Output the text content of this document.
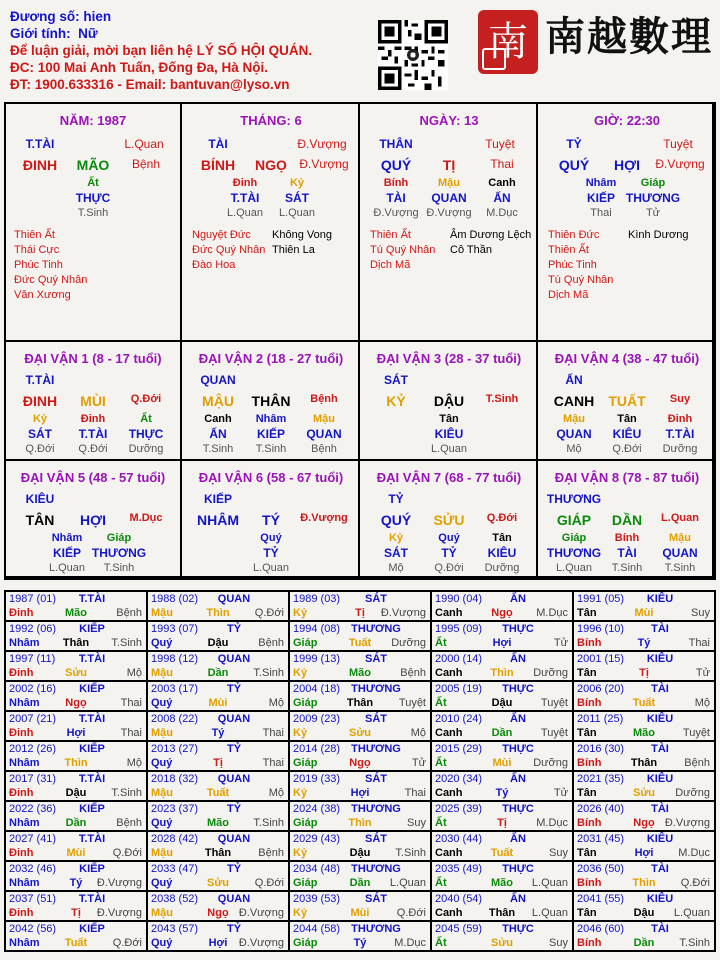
Đương số: hien
Giới tính: Nữ
Để luận giải, mời bạn liên hệ LÝ SỐ HỘI QUÁN.
ĐC: 100 Mai Anh Tuấn, Đống Đa, Hà Nội.
ĐT: 1900.633316 - Email: bantuvan@lyso.vn
南 南越數理
NĂM: 1987
T.TÀI	L.Quan
ĐINH MÃO Bệnh
Ất
THỰC
T.Sinh
Thiên Ất
Thái Cực
Phúc Tinh
Đức Quý Nhân
Văn Xương
THÁNG: 6
TÀI	Đ.Vượng
BÍNH NGỌ Đ.Vượng
Đinh
T.TÀI
L.Quan
Kỷ
SÁT
L.Quan
Nguyệt Đức
Đức Quý Nhân
Đào Hoa
Không Vong
Thiên La
NGÀY: 13
THÂN	Tuyệt
QUÝ TỊ	Thai
Bính
TÀI
Đ.Vượng
Mậu
QUAN
Đ.Vượng
Canh
ẤN
M.Dục
Thiên Ất
Tú Quý Nhân
Dịch Mã
Âm Dương Lệch
Cô Thần
GIỜ: 22:30
TỶ	Tuyệt
QUÝ HỢI Đ.Vượng
Nhâm
KIẾP
Thai
Giáp
THƯƠNG
Tử
Thiên Đức
Thiên Ất
Phúc Tinh
Tú Quý Nhân
Dịch Mã
Kình Dương
ĐẠI VẬN 1 (8 - 17 tuổi)
T.TÀI
ĐINH MÙI Q.Đới
Kỷ
SÁT
Q.Đới
Đinh
T.TÀI
Q.Đới
Ất
THỰC
Dưỡng
ĐẠI VẬN 2 (18 - 27 tuổi)
QUAN
MẬU THÂN Bệnh
Canh
ẤN
T.Sinh
Nhâm
KIẾP
T.Sinh
Mậu
QUAN
Bệnh
ĐẠI VẬN 3 (28 - 37 tuổi)
SÁT
KỶ DẬU T.Sinh
Tân
KIÊU
L.Quan
ĐẠI VẬN 4 (38 - 47 tuổi)
ẤN
CANH TUẤT Suy
Mậu
QUAN
Mộ
Tân
KIÊU
Q.Đới
Đinh
T.TÀI
Dưỡng
ĐẠI VẬN 5 (48 - 57 tuổi)
KIÊU
TÂN HỢI M.Dục
Nhâm
KIẾP
L.Quan
Giáp
THƯƠNG
T.Sinh
ĐẠI VẬN 6 (58 - 67 tuổi)
KIẾP
NHÂM TÝ Đ.Vượng
Quý
TỶ
L.Quan
ĐẠI VẬN 7 (68 - 77 tuổi)
TỶ
QUÝ SỬU Q.Đới
Kỷ
SÁT
Mộ
Quý
TỶ
Q.Đới
Tân
KIÊU
Dưỡng
ĐẠI VẬN 8 (78 - 87 tuổi)
THƯƠNG
GIÁP DẦN L.Quan
Giáp
THƯƠNG
L.Quan
Bính
TÀI
T.Sinh
Mậu
QUAN
T.Sinh
1987 (01) T.TÀI
Đinh	Mão	Bệnh
1988 (02) QUAN
Mậu	Thìn Q.Đới
1989 (03) SÁT
Kỷ	Tị Đ.Vượng
1990 (04)	ẤN
Canh	Ngọ M.Dục
1991 (05) KIÊU
Tân	Mùi	Suy
1992 (06) KIẾP
Nhâm Thân T.Sinh
1993 (07)	TỶ
Quý	Dậu	Bệnh
1994 (08) THƯƠNG
Giáp	Tuất Dưỡng
1995 (09) THỰC
Ất	Hợi	Tử
1996 (10) TÀI
Bính	Tý	Thai
1997 (11) T.TÀI
Đinh	Sửu	Mộ
1998 (12) QUAN
Mậu	Dần T.Sinh
1999 (13) SÁT
Kỷ	Mão	Bệnh
2000 (14)	ẤN
Canh	Thìn Dưỡng
2001 (15) KIÊU
Tân	Tị	Tử
2002 (16) KIẾP
Nhâm Ngọ	Thai
2003 (17)	TỶ
Quý	Mùi	Mộ
2004 (18) THƯƠNG
Giáp	Thân Tuyệt
2005 (19) THỰC
Ất	Dậu	Tuyệt
2006 (20) TÀI
Bính	Tuất	Mộ
2007 (21) T.TÀI
Đinh	Hợi	Thai
2008 (22) QUAN
Mậu	Tý	Thai
2009 (23) SÁT
Kỷ	Sửu	Mộ
2010 (24)	ẤN
Canh	Dần	Tuyệt
2011 (25) KIÊU
Tân	Mão	Tuyệt
2012 (26) KIẾP
Nhâm Thìn	Mộ
2013 (27)	TỶ
Quý	Tị	Thai
2014 (28) THƯƠNG
Giáp	Ngọ	Tử
2015 (29) THỰC
Ất	Mùi Dưỡng
2016 (30) TÀI
Bính	Thân Bệnh
2017 (31) T.TÀI
Đinh	Dậu T.Sinh
2018 (32) QUAN
Mậu	Tuất	Mộ
2019 (33) SÁT
Kỷ	Hợi	Thai
2020 (34)	ẤN
Canh	Tý	Tử
2021 (35) KIÊU
Tân	Sửu Dưỡng
2022 (36) KIẾP
Nhâm Dần	Bệnh
2023 (37)	TỶ
Quý	Mão T.Sinh
2024 (38) THƯƠNG
Giáp	Thìn	Suy
2025 (39) THỰC
Ất	Tị	M.Dục
2026 (40) TÀI
Bính	Ngọ Đ.Vượng
2027 (41) T.TÀI
Đinh	Mùi Q.Đới
2028 (42) QUAN
Mậu	Thân Bệnh
2029 (43) SÁT
Kỷ	Dậu T.Sinh
2030 (44)	ẤN
Canh	Tuất	Suy
2031 (45) KIÊU
Tân	Hợi M.Dục
2032 (46) KIẾP
Nhâm	Tý Đ.Vượng
2033 (47)	TỶ
Quý	Sửu Q.Đới
2034 (48) THƯƠNG
Giáp	Dần L.Quan
2035 (49) THỰC
Ất	Mão L.Quan
2036 (50) TÀI
Bính	Thìn Q.Đới
2037 (51) T.TÀI
Đinh	Tị Đ.Vượng
2038 (52) QUAN
Mậu	Ngọ Đ.Vượng
2039 (53) SÁT
Kỷ	Mùi Q.Đới
2040 (54)	ẤN
Canh Thân L.Quan
2041 (55) KIÊU
Tân	Dậu L.Quan
2042 (56) KIẾP
Nhâm Tuất Q.Đới
2043 (57)	TỶ
Quý	Hợi Đ.Vượng
2044 (58) THƯƠNG
Giáp	Tý	M.Dục
2045 (59) THỰC
Ất	Sửu	Suy
2046 (60) TÀI
Bính	Dần T.Sinh
